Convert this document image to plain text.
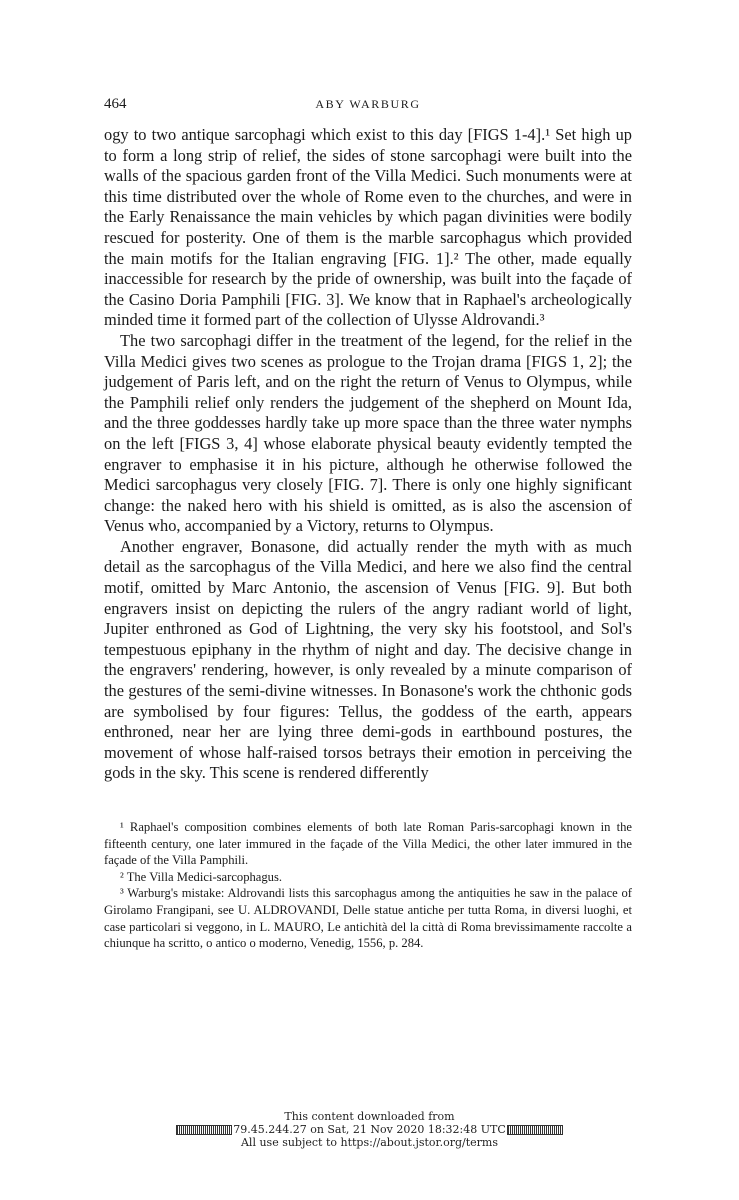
464	ABY WARBURG

ogy to two antique sarcophagi which exist to this day [FIGS 1-4].¹ Set high up to form a long strip of relief, the sides of stone sarcophagi were built into the walls of the spacious garden front of the Villa Medici. Such monuments were at this time distributed over the whole of Rome even to the churches, and were in the Early Renaissance the main vehicles by which pagan divinities were bodily rescued for posterity. One of them is the marble sarcophagus which provided the main motifs for the Italian engraving [FIG. 1].² The other, made equally inaccessible for research by the pride of ownership, was built into the façade of the Casino Doria Pamphili [FIG. 3]. We know that in Raphael's archeologically minded time it formed part of the collection of Ulysse Aldrovandi.³

The two sarcophagi differ in the treatment of the legend, for the relief in the Villa Medici gives two scenes as prologue to the Trojan drama [FIGS 1, 2]; the judgement of Paris left, and on the right the return of Venus to Olympus, while the Pamphili relief only renders the judgement of the shepherd on Mount Ida, and the three goddesses hardly take up more space than the three water nymphs on the left [FIGS 3, 4] whose elaborate physical beauty evidently tempted the engraver to emphasise it in his picture, although he otherwise followed the Medici sarcophagus very closely [FIG. 7]. There is only one highly significant change: the naked hero with his shield is omitted, as is also the ascension of Venus who, accompanied by a Victory, returns to Olympus.

Another engraver, Bonasone, did actually render the myth with as much detail as the sarcophagus of the Villa Medici, and here we also find the central motif, omitted by Marc Antonio, the ascension of Venus [FIG. 9]. But both engravers insist on depicting the rulers of the angry radiant world of light, Jupiter enthroned as God of Lightning, the very sky his footstool, and Sol's tempestuous epiphany in the rhythm of night and day. The decisive change in the engravers' rendering, however, is only revealed by a minute comparison of the gestures of the semi-divine witnesses. In Bonasone's work the chthonic gods are symbolised by four figures: Tellus, the goddess of the earth, appears enthroned, near her are lying three demi-gods in earthbound postures, the movement of whose half-raised torsos betrays their emotion in perceiving the gods in the sky. This scene is rendered differently

¹ Raphael's composition combines elements of both late Roman Paris-sarcophagi known in the fifteenth century, one later immured in the façade of the Villa Medici, the other later immured in the façade of the Villa Pamphili.

² The Villa Medici-sarcophagus.

³ Warburg's mistake: Aldrovandi lists this sarcophagus among the antiquities he saw in the palace of Girolamo Frangipani, see U. ALDROVANDI, Delle statue antiche per tutta Roma, in diversi luoghi, et case particolari si veggono, in L. MAURO, Le antichità del la città di Roma brevissimamente raccolte a chiunque ha scritto, o antico o moderno, Venedig, 1556, p. 284.

This content downloaded from
79.45.244.27 on Sat, 21 Nov 2020 18:32:48 UTC
All use subject to https://about.jstor.org/terms
